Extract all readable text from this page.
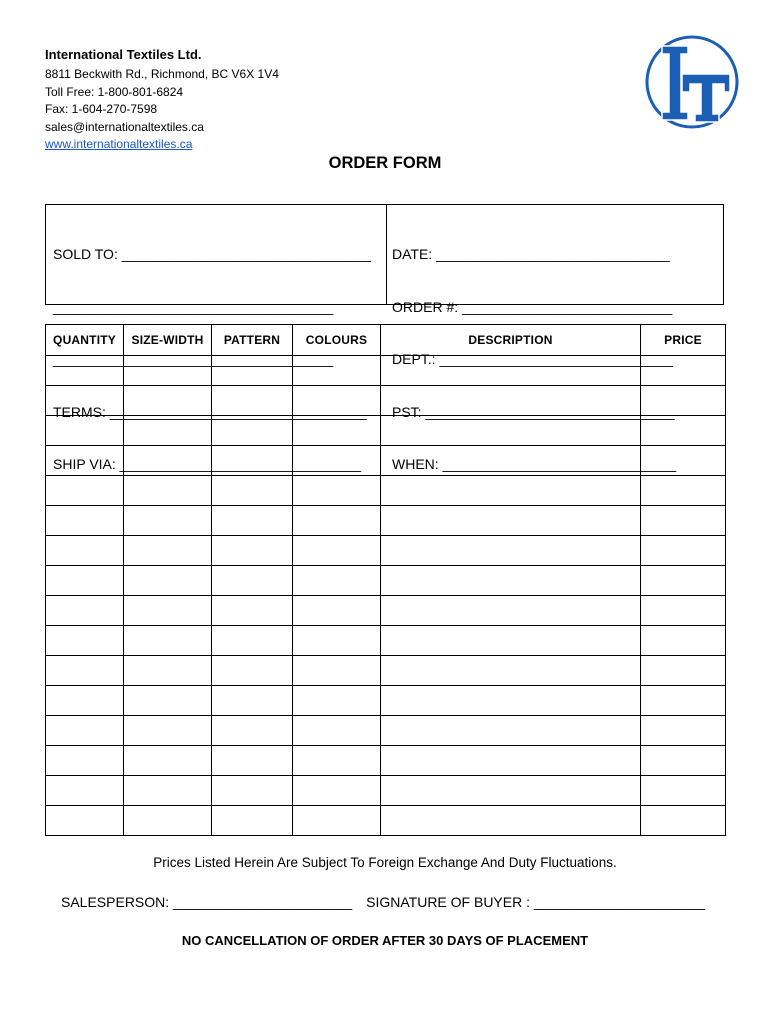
International Textiles Ltd.
8811 Beckwith Rd., Richmond, BC V6X 1V4
Toll Free: 1-800-801-6824
Fax: 1-604-270-7598
sales@internationaltextiles.ca
www.internationaltextiles.ca
ORDER FORM

SOLD TO: ________________________________

____________________________________

____________________________________

TERMS: _________________________________

SHIP VIA: _______________________________

DATE: ______________________________

ORDER #: ___________________________

DEPT.: ______________________________

PST: ________________________________

WHEN: ______________________________

QUANTITY	SIZE-WIDTH	PATTERN	COLOURS	DESCRIPTION	PRICE

Prices Listed Herein Are Subject To Foreign Exchange And Duty Fluctuations.
SALESPERSON: _______________________ SIGNATURE OF BUYER : ______________________
NO CANCELLATION OF ORDER AFTER 30 DAYS OF PLACEMENT
